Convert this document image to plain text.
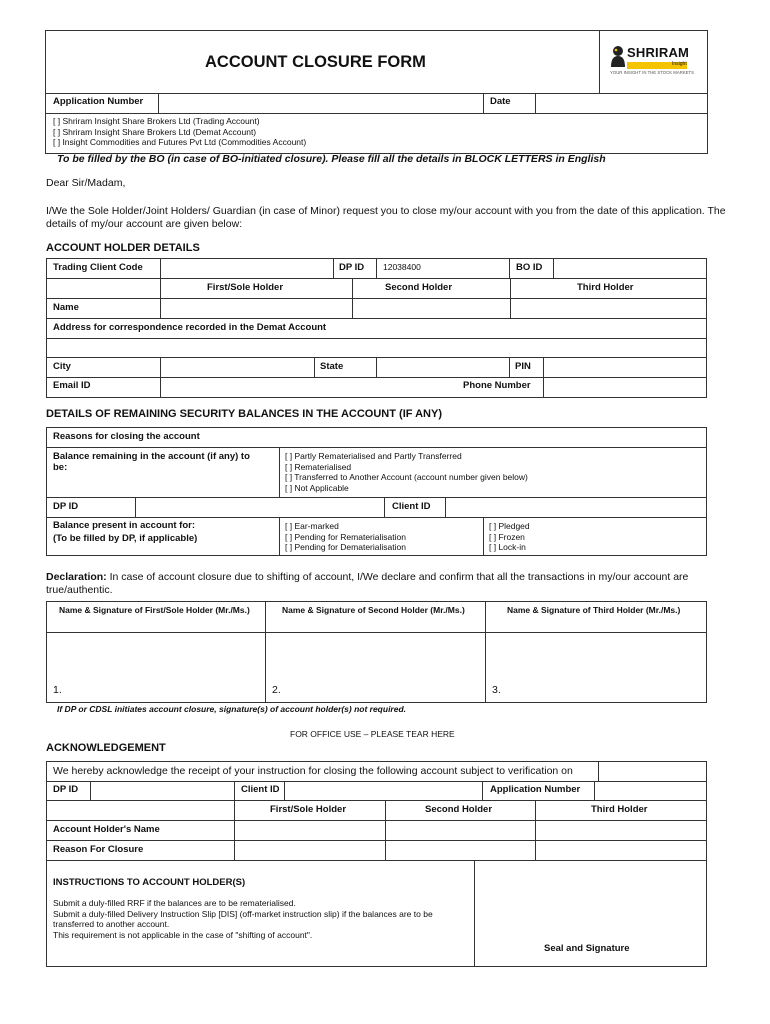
ACCOUNT CLOSURE FORM
SHRIRAM
Insight
YOUR INSIGHT IN THE STOCK MARKETS
Application Number	Date
[ ] Shriram Insight Share Brokers Ltd (Trading Account)
[ ] Shriram Insight Share Brokers Ltd (Demat Account)
[ ] Insight Commodities and Futures Pvt Ltd (Commodities Account)
To be filled by the BO (in case of BO-initiated closure). Please fill all the details in BLOCK LETTERS in English
Dear Sir/Madam,
I/We the Sole Holder/Joint Holders/ Guardian (in case of Minor) request you to close my/our account with you from the date of this application. The
details of my/our account are given below:
ACCOUNT HOLDER DETAILS
Trading Client Code	DP ID 12038400	BO ID
First/Sole Holder	Second Holder	Third Holder
Name
Address for correspondence recorded in the Demat Account
City	State	PIN
Email ID	Phone Number
DETAILS OF REMAINING SECURITY BALANCES IN THE ACCOUNT (IF ANY)
Reasons for closing the account
Balance remaining in the account (if any) to
be:
[ ] Partly Rematerialised and Partly Transferred
[ ] Rematerialised
[ ] Transferred to Another Account (account number given below)
[ ] Not Applicable
DP ID	Client ID
Balance present in account for:
(To be filled by DP, if applicable)
[ ] Ear-marked
[ ] Pending for Rematerialisation
[ ] Pending for Dematerialisation
[ ] Pledged
[ ] Frozen
[ ] Lock-in
Declaration: In case of account closure due to shifting of account, I/We declare and confirm that all the transactions in my/our account are
true/authentic.
Name & Signature of First/Sole Holder (Mr./Ms.)	Name & Signature of Second Holder (Mr./Ms.)	Name & Signature of Third Holder (Mr./Ms.)
1.	2.	3.
If DP or CDSL initiates account closure, signature(s) of account holder(s) not required.
FOR OFFICE USE – PLEASE TEAR HERE
ACKNOWLEDGEMENT
We hereby acknowledge the receipt of your instruction for closing the following account subject to verification on
DP ID	Client ID	Application Number
First/Sole Holder	Second Holder	Third Holder
Account Holder's Name
Reason For Closure
INSTRUCTIONS TO ACCOUNT HOLDER(S)
Submit a duly-filled RRF if the balances are to be rematerialised.
Submit a duly-filled Delivery Instruction Slip [DIS] (off-market instruction slip) if the balances are to be
transferred to another account.
This requirement is not applicable in the case of "shifting of account".
Seal and Signature
